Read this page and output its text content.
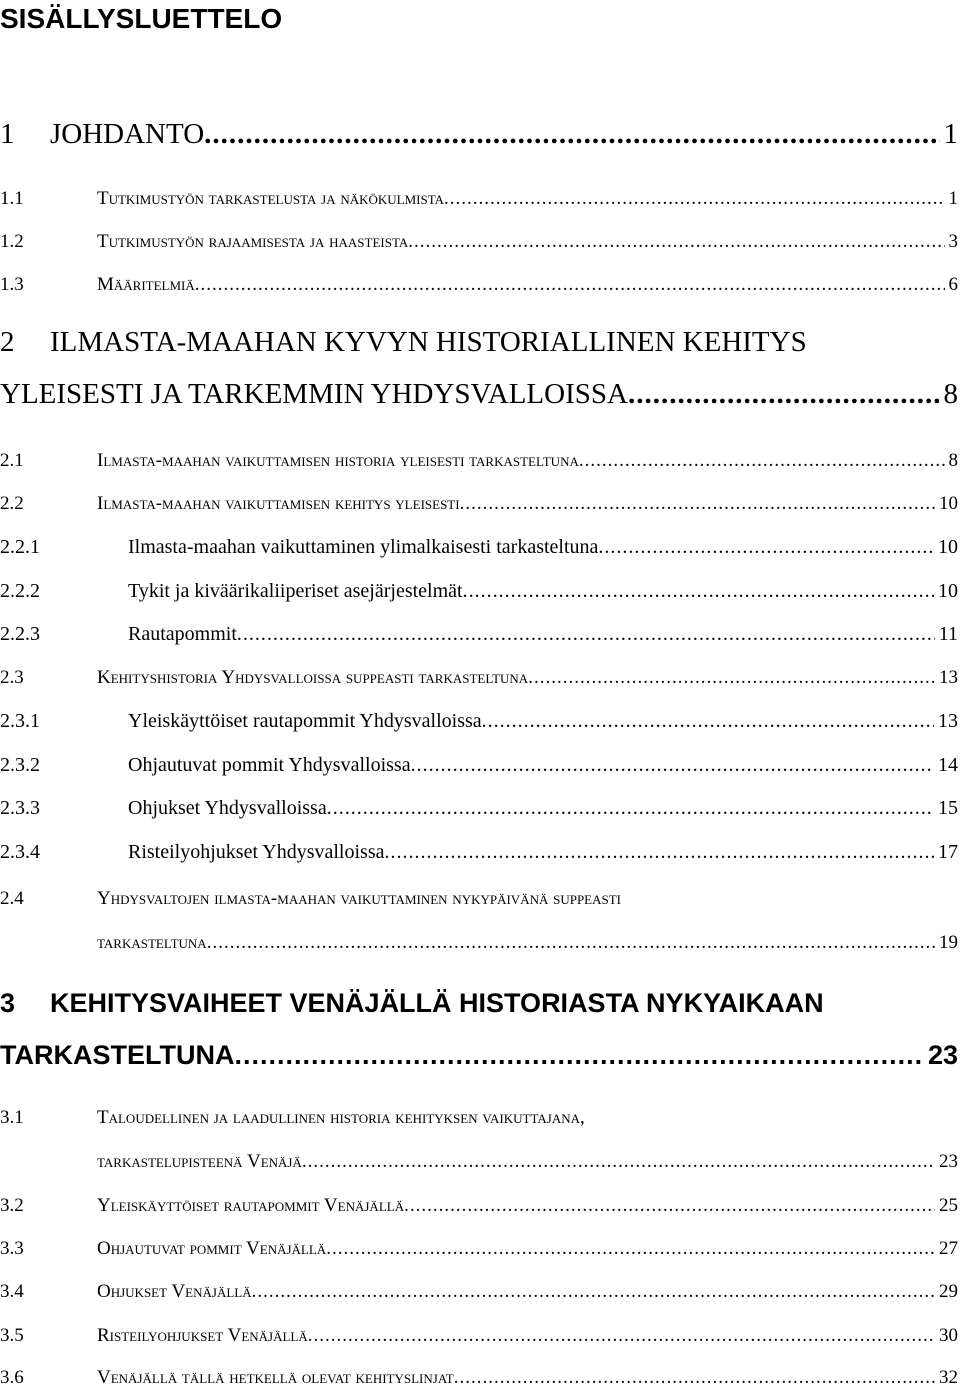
SISÄLLYSLUETTELO
1	JOHDANTO .....	1
1.1	Tutkimustyön tarkastelusta ja näkökulmista .....	1
1.2	Tutkimustyön rajaamisesta ja haasteista .....	3
1.3	Määritelmiä .....	6
2	ILMASTA-MAAHAN KYVYN HISTORIALLINEN KEHITYS
YLEISESTI JA TARKEMMIN YHDYSVALLOISSA .....	8
2.1	Ilmasta-maahan vaikuttamisen historia yleisesti tarkasteltuna .....	8
2.2	Ilmasta-maahan vaikuttamisen kehitys yleisesti .....	10
2.2.1	Ilmasta-maahan vaikuttaminen ylimalkaisesti tarkasteltuna .....	10
2.2.2	Tykit ja kiväärikaliiperiset asejärjestelmät .....	10
2.2.3	Rautapommit .....	11
2.3	Kehityshistoria Yhdysvalloissa suppeasti tarkasteltuna .....	13
2.3.1	Yleiskäyttöiset rautapommit Yhdysvalloissa .....	13
2.3.2	Ohjautuvat pommit Yhdysvalloissa .....	14
2.3.3	Ohjukset Yhdysvalloissa .....	15
2.3.4	Risteilyohjukset Yhdysvalloissa .....	17
2.4	Yhdysvaltojen ilmasta-maahan vaikuttaminen nykypäivänä suppeasti
tarkasteltuna .....	19
3	KEHITYSVAIHEET VENÄJÄLLÄ HISTORIASTA NYKYAIKAAN
TARKASTELTUNA .....	23
3.1	Taloudellinen ja laadullinen historia kehityksen vaikuttajana,
tarkastelupisteenä Venäjä .....	23
3.2	Yleiskäyttöiset rautapommit Venäjällä .....	25
3.3	Ohjautuvat pommit Venäjällä .....	27
3.4	Ohjukset Venäjällä .....	29
3.5	Risteilyohjukset Venäjällä .....	30
3.6	Venäjällä tällä hetkellä olevat kehityslinjat .....	32
